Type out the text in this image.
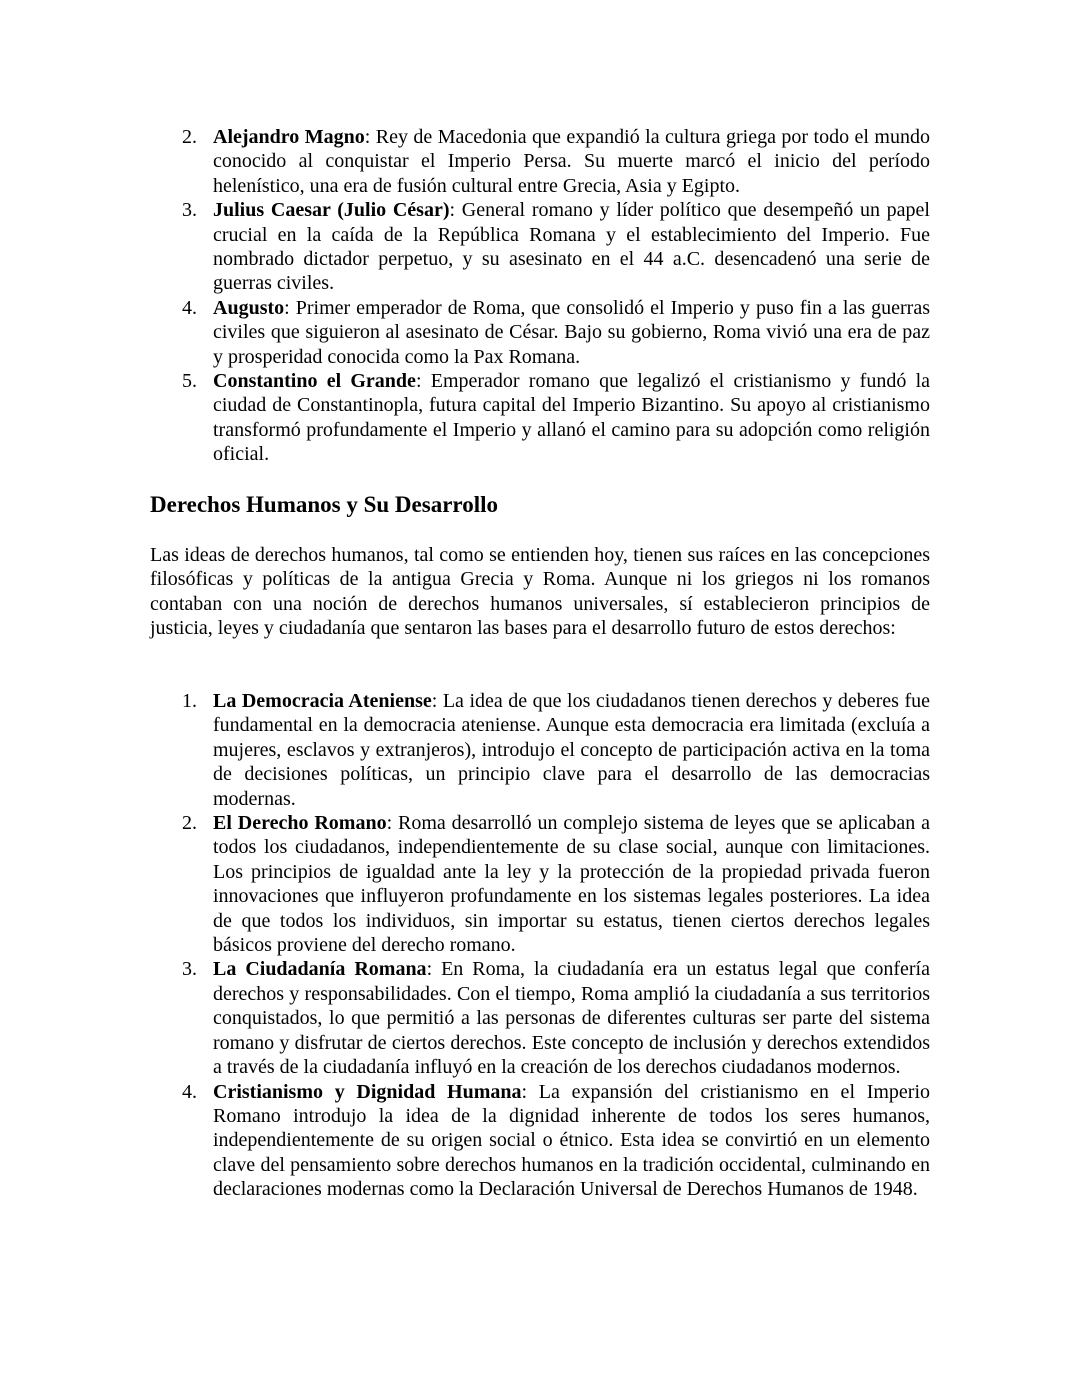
2. Alejandro Magno: Rey de Macedonia que expandió la cultura griega por todo el mundo conocido al conquistar el Imperio Persa. Su muerte marcó el inicio del período helenístico, una era de fusión cultural entre Grecia, Asia y Egipto.
3. Julius Caesar (Julio César): General romano y líder político que desempeñó un papel crucial en la caída de la República Romana y el establecimiento del Imperio. Fue nombrado dictador perpetuo, y su asesinato en el 44 a.C. desencadenó una serie de guerras civiles.
4. Augusto: Primer emperador de Roma, que consolidó el Imperio y puso fin a las guerras civiles que siguieron al asesinato de César. Bajo su gobierno, Roma vivió una era de paz y prosperidad conocida como la Pax Romana.
5. Constantino el Grande: Emperador romano que legalizó el cristianismo y fundó la ciudad de Constantinopla, futura capital del Imperio Bizantino. Su apoyo al cristianismo transformó profundamente el Imperio y allanó el camino para su adopción como religión oficial.
Derechos Humanos y Su Desarrollo

Las ideas de derechos humanos, tal como se entienden hoy, tienen sus raíces en las concepciones filosóficas y políticas de la antigua Grecia y Roma. Aunque ni los griegos ni los romanos contaban con una noción de derechos humanos universales, sí establecieron principios de justicia, leyes y ciudadanía que sentaron las bases para el desarrollo futuro de estos derechos:

1. La Democracia Ateniense: La idea de que los ciudadanos tienen derechos y deberes fue fundamental en la democracia ateniense. Aunque esta democracia era limitada (excluía a mujeres, esclavos y extranjeros), introdujo el concepto de participación activa en la toma de decisiones políticas, un principio clave para el desarrollo de las democracias modernas.
2. El Derecho Romano: Roma desarrolló un complejo sistema de leyes que se aplicaban a todos los ciudadanos, independientemente de su clase social, aunque con limitaciones. Los principios de igualdad ante la ley y la protección de la propiedad privada fueron innovaciones que influyeron profundamente en los sistemas legales posteriores. La idea de que todos los individuos, sin importar su estatus, tienen ciertos derechos legales básicos proviene del derecho romano.
3. La Ciudadanía Romana: En Roma, la ciudadanía era un estatus legal que confería derechos y responsabilidades. Con el tiempo, Roma amplió la ciudadanía a sus territorios conquistados, lo que permitió a las personas de diferentes culturas ser parte del sistema romano y disfrutar de ciertos derechos. Este concepto de inclusión y derechos extendidos a través de la ciudadanía influyó en la creación de los derechos ciudadanos modernos.
4. Cristianismo y Dignidad Humana: La expansión del cristianismo en el Imperio Romano introdujo la idea de la dignidad inherente de todos los seres humanos, independientemente de su origen social o étnico. Esta idea se convirtió en un elemento clave del pensamiento sobre derechos humanos en la tradición occidental, culminando en declaraciones modernas como la Declaración Universal de Derechos Humanos de 1948.
